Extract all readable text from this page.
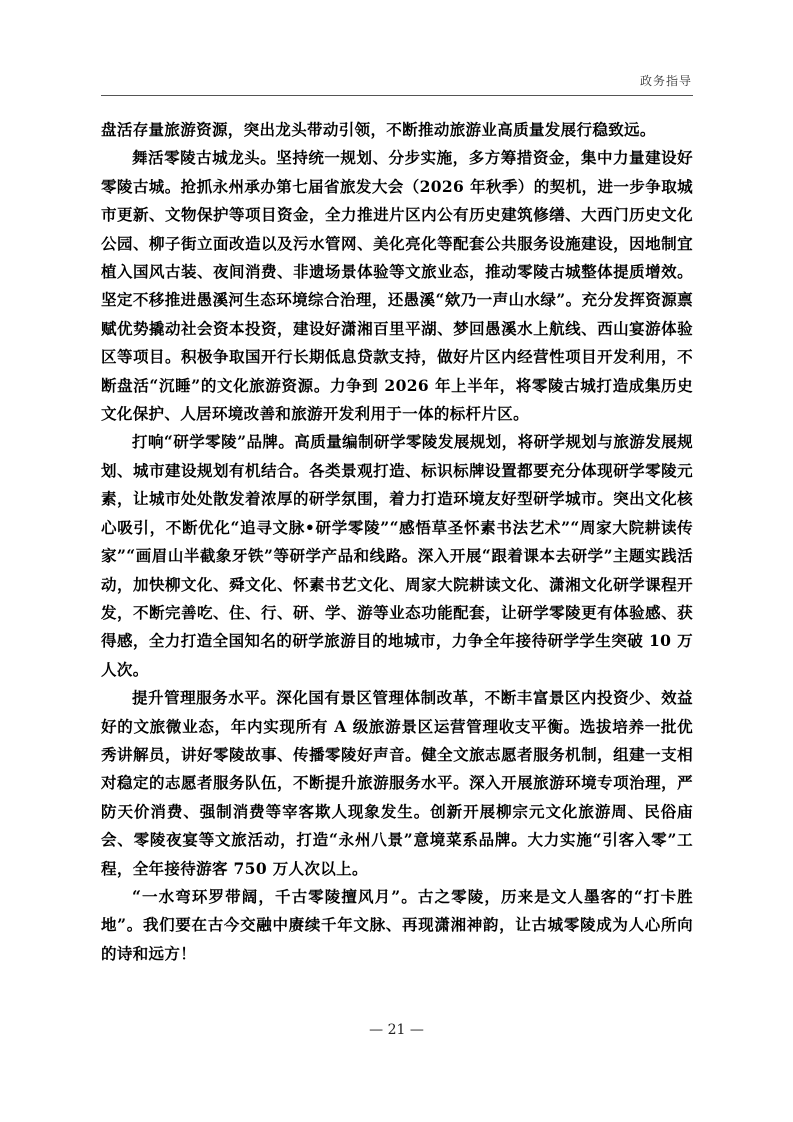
政务指导

盘活存量旅游资源，突出龙头带动引领，不断推动旅游业高质量发展行稳致远。

舞活零陵古城龙头。坚持统一规划、分步实施，多方筹措资金，集中力量建设好零陵古城。抢抓永州承办第七届省旅发大会（2026 年秋季）的契机，进一步争取城市更新、文物保护等项目资金，全力推进片区内公有历史建筑修缮、大西门历史文化公园、柳子街立面改造以及污水管网、美化亮化等配套公共服务设施建设，因地制宜植入国风古装、夜间消费、非遗场景体验等文旅业态，推动零陵古城整体提质增效。坚定不移推进愚溪河生态环境综合治理，还愚溪“欸乃一声山水绿”。充分发挥资源禀赋优势撬动社会资本投资，建设好潇湘百里平湖、梦回愚溪水上航线、西山宴游体验区等项目。积极争取国开行长期低息贷款支持，做好片区内经营性项目开发利用，不断盘活“沉睡”的文化旅游资源。力争到 2026 年上半年，将零陵古城打造成集历史文化保护、人居环境改善和旅游开发利用于一体的标杆片区。

打响“研学零陵”品牌。高质量编制研学零陵发展规划，将研学规划与旅游发展规划、城市建设规划有机结合。各类景观打造、标识标牌设置都要充分体现研学零陵元素，让城市处处散发着浓厚的研学氛围，着力打造环境友好型研学城市。突出文化核心吸引，不断优化“追寻文脉•研学零陵”“感悟草圣怀素书法艺术”“周家大院耕读传家”“画眉山半截象牙铁”等研学产品和线路。深入开展“跟着课本去研学”主题实践活动，加快柳文化、舜文化、怀素书艺文化、周家大院耕读文化、潇湘文化研学课程开发，不断完善吃、住、行、研、学、游等业态功能配套，让研学零陵更有体验感、获得感，全力打造全国知名的研学旅游目的地城市，力争全年接待研学学生突破 10 万人次。

提升管理服务水平。深化国有景区管理体制改革，不断丰富景区内投资少、效益好的文旅微业态，年内实现所有 A 级旅游景区运营管理收支平衡。选拔培养一批优秀讲解员，讲好零陵故事、传播零陵好声音。健全文旅志愿者服务机制，组建一支相对稳定的志愿者服务队伍，不断提升旅游服务水平。深入开展旅游环境专项治理，严防天价消费、强制消费等宰客欺人现象发生。创新开展柳宗元文化旅游周、民俗庙会、零陵夜宴等文旅活动，打造“永州八景”意境菜系品牌。大力实施“引客入零”工程，全年接待游客 750 万人次以上。

“一水弯环罗带阔，千古零陵擅风月”。古之零陵，历来是文人墨客的“打卡胜地”。我们要在古今交融中赓续千年文脉、再现潇湘神韵，让古城零陵成为人心所向的诗和远方！

— 21 —
